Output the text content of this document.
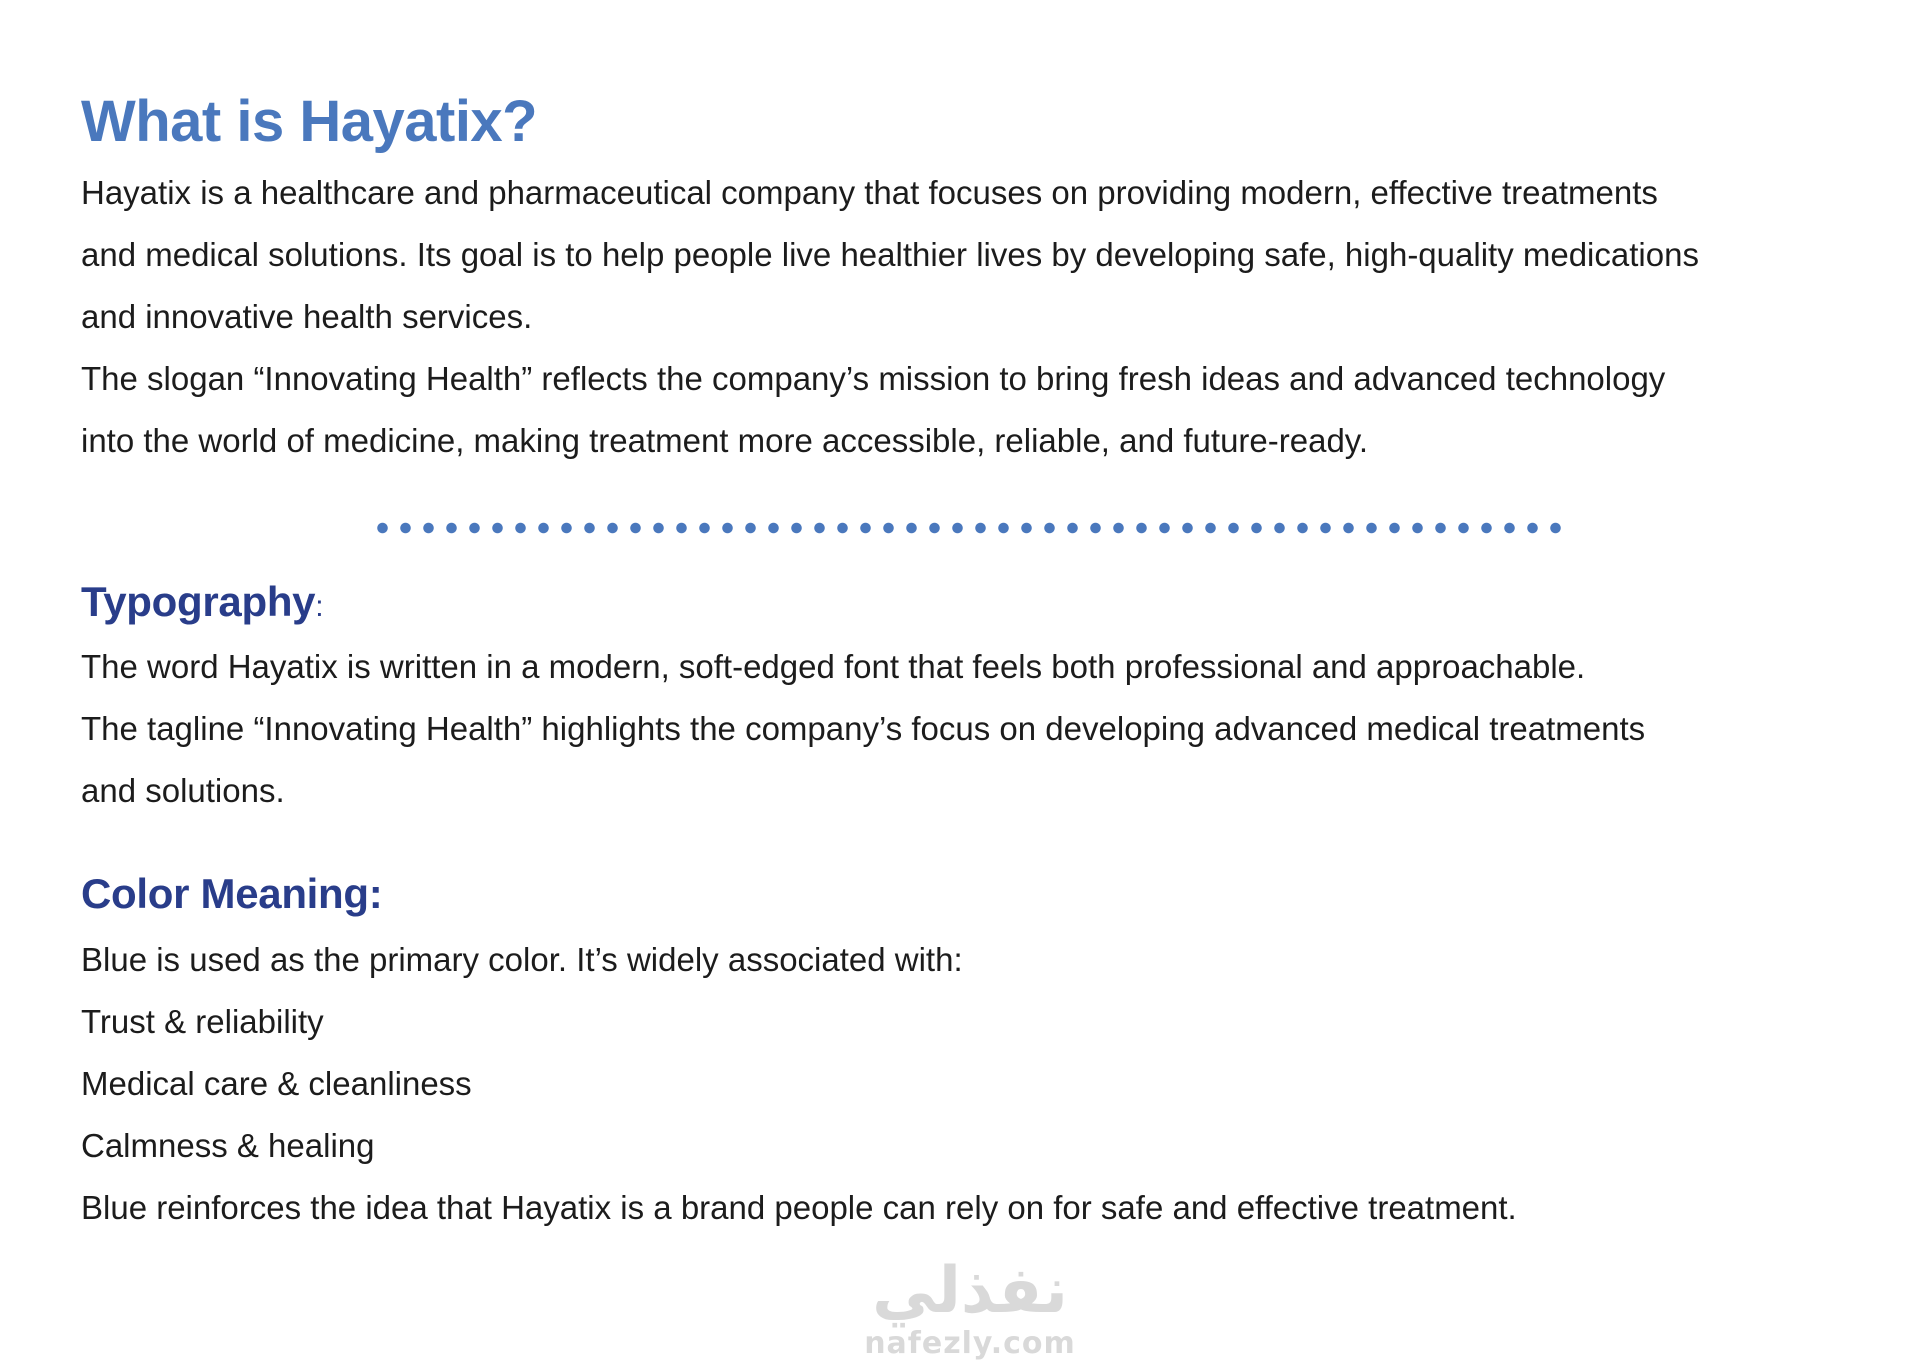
What is Hayatix?
Hayatix is a healthcare and pharmaceutical company that focuses on providing modern, effective treatments
and medical solutions. Its goal is to help people live healthier lives by developing safe, high-quality medications
and innovative health services.
The slogan “Innovating Health” reflects the company’s mission to bring fresh ideas and advanced technology
into the world of medicine, making treatment more accessible, reliable, and future-ready.
Typography:
The word Hayatix is written in a modern, soft-edged font that feels both professional and approachable.
The tagline “Innovating Health” highlights the company’s focus on developing advanced medical treatments
and solutions.
Color Meaning:
Blue is used as the primary color. It’s widely associated with:
Trust & reliability
Medical care & cleanliness
Calmness & healing
Blue reinforces the idea that Hayatix is a brand people can rely on for safe and effective treatment.
نفذلي
nafezly.com
